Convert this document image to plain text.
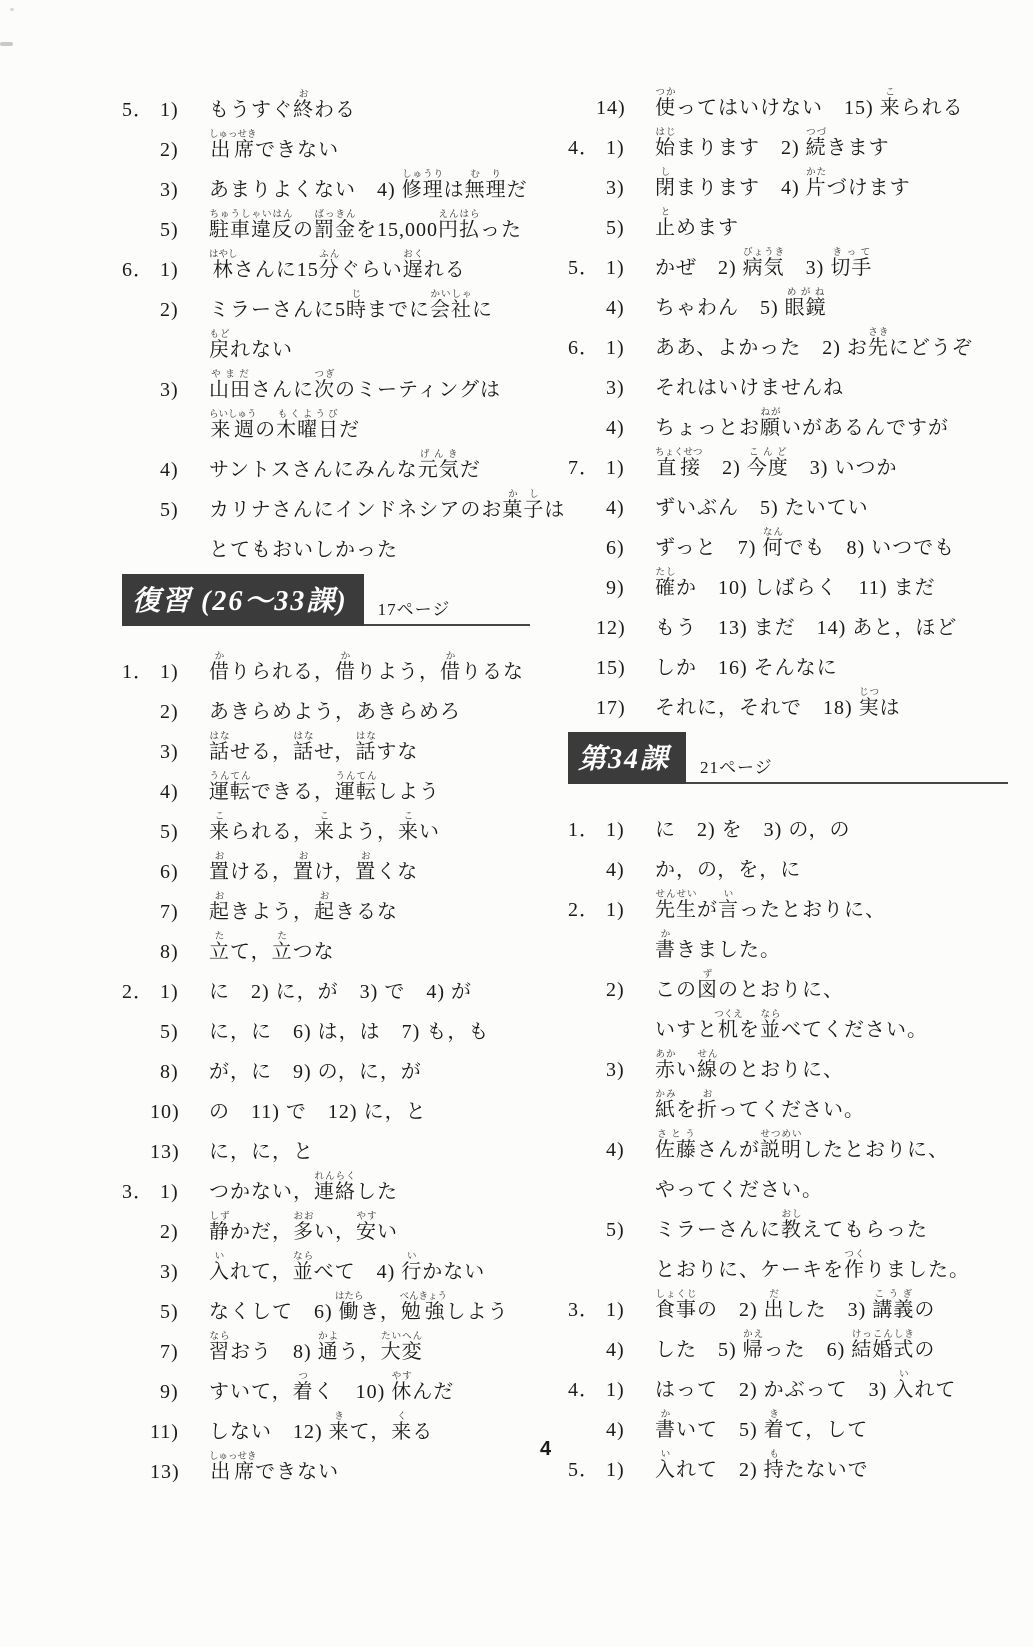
5． 1)	もうすぐ終おわる
2)	出席しゅっせきできない
3)	あまりよくない　4) 修理しゅうりは無理むりだ
5)	駐車違反ちゅうしゃいはんの罰金ばっきんを15,000円払えんはらった
6． 1)	林はやしさんに15分ふんぐらい遅おくれる
2)	ミラーさんに5時じまでに会社かいしゃに
戻もどれない
3)	山田やまださんに次つぎのミーティングは
来週らいしゅうの木曜日もくようびだ
4)	サントスさんにみんな元気げんきだ
5)	カリナさんにインドネシアのお菓子かしは
とてもおいしかった
復習 (26〜33課)	17ページ
1． 1)	借かりられる，借かりよう，借かりるな
2)	あきらめよう，あきらめろ
3)	話はなせる，話はなせ，話はなすな
4)	運転うんてんできる，運転うんてんしよう
5)	来こられる，来こよう，来こい
6)	置おける，置おけ，置おくな
7)	起おきよう，起おきるな
8)	立たて，立たつな
2． 1)	に　2) に，が　3) で　4) が
5)	に，に　6) は，は　7) も，も
8)	が，に　9) の，に，が
10)	の　11) で　12) に，と
13)	に，に，と
3． 1)	つかない，連絡れんらくした
2)	静しずかだ，多おおい，安やすい
3)	入いれて，並ならべて　4) 行いかない
5)	なくして　6) 働はたらき，勉強べんきょうしよう
7)	習ならおう　8) 通かよう，大変たいへん
9)	すいて，着つく　10) 休やすんだ
11)	しない　12) 来きて，来くる
13)	出席しゅっせきできない
14)	使つかってはいけない　15) 来こられる
4． 1)	始はじまります　2) 続つづきます
3)	閉しまります　4) 片かたづけます
5)	止とめます
5． 1)	かぜ　2) 病気びょうき　3) 切手きって
4)	ちゃわん　5) 眼鏡めがね
6． 1)	ああ、よかった　2) お先さきにどうぞ
3)	それはいけませんね
4)	ちょっとお願ねがいがあるんですが
7． 1)	直接ちょくせつ　2) 今度こんど　3) いつか
4)	ずいぶん　5) たいてい
6)	ずっと　7) 何なんでも　8) いつでも
9)	確たしか　10) しばらく　11) まだ
12)	もう　13) まだ　14) あと，ほど
15)	しか　16) そんなに
17)	それに，それで　18) 実じつは
第34課	21ページ
1． 1)	に　2) を　3) の，の
4)	か，の，を，に
2． 1)	先生せんせいが言いったとおりに、
書かきました。
2)	この図ずのとおりに、
いすと机つくえを並ならべてください。
3)	赤あかい線せんのとおりに、
紙かみを折おってください。
4)	佐藤さとうさんが説明せつめいしたとおりに、
やってください。
5)	ミラーさんに教おしえてもらった
とおりに、ケーキを作つくりました。
3． 1)	食事しょくじの　2) 出だした　3) 講義こうぎの
4)	した　5) 帰かえった　6) 結婚式けっこんしきの
4． 1)	はって　2) かぶって　3) 入いれて
4)	書かいて　5) 着きて，して
5． 1)	入いれて　2) 持もたないで
4
